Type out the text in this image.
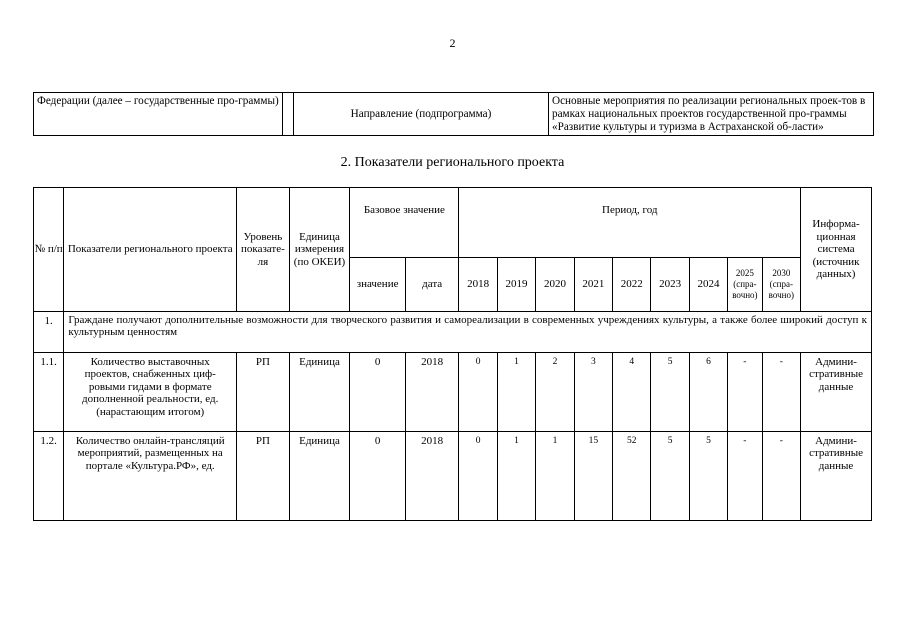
2
Федерации (далее – государственные про-граммы)		Направление (подпрограмма)	Основные мероприятия по реализации региональных проек-тов в рамках национальных проектов государственной про-граммы «Развитие культуры и туризма в Астраханской об-ласти»
2. Показатели регионального проекта
№ п/п	Показатели регионального проекта	Уровень показате-ля	Единица измерения (по ОКЕИ)	Базовое значение		Период, год									Информа-ционная система (источник данных)
				значение	дата	2018	2019	2020	2021	2022	2023	2024	2025 (спра-вочно)	2030 (спра-вочно)	
1.	Граждане получают дополнительные возможности для творческого развития и самореализации в современных учреждениях культуры, а также более широкий доступ к культурным ценностям														
1.1.	Количество выставочных проектов, снабженных циф-ровыми гидами в формате дополненной реальности, ед. (нарастающим итогом)	РП	Единица	0	2018	0	1	2	3	4	5	6	-	-	Админи-стративные данные
1.2.	Количество онлайн-трансляций мероприятий, размещенных на портале «Культура.РФ», ед.	РП	Единица	0	2018	0	1	1	15	52	5	5	-	-	Админи-стративные данные
